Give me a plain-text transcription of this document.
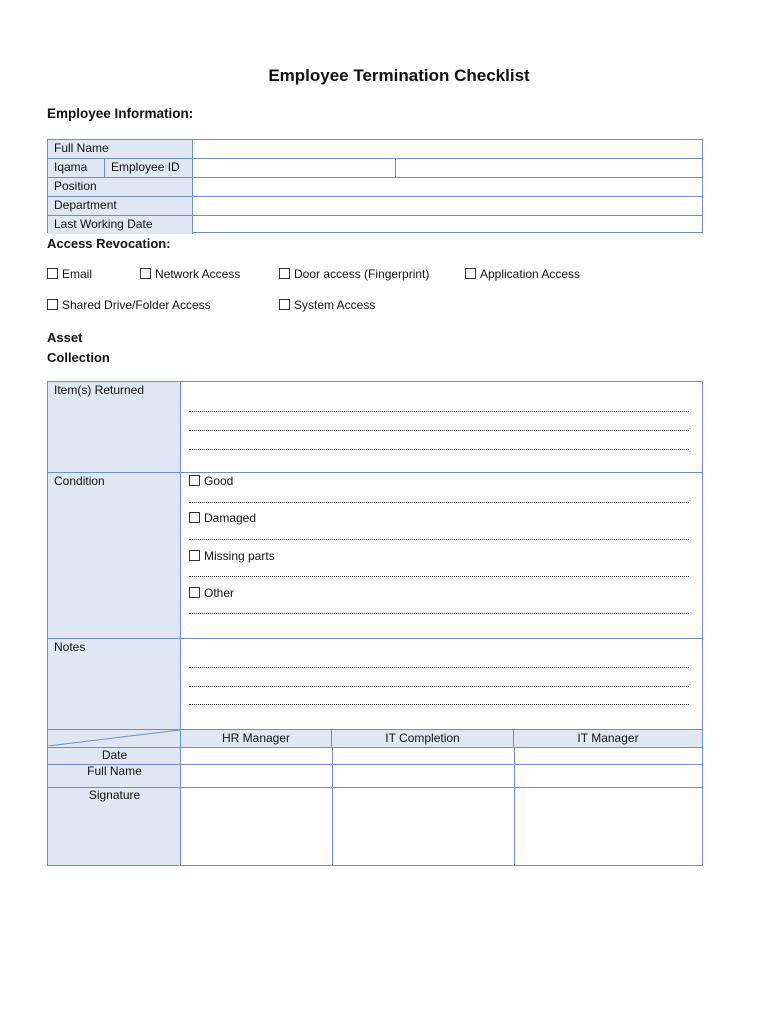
Employee Termination Checklist
Employee Information:
Full Name
Iqama	Employee ID
Position
Department
Last Working Date
Access Revocation:
Email	Network Access	Door access (Fingerprint)	Application Access
Shared Drive/Folder Access	System Access
Asset
Collection
Item(s) Returned
Condition	Good
Damaged
Missing parts
Other
Notes
HR Manager	IT Completion	IT Manager
Date
Full Name
Signature
